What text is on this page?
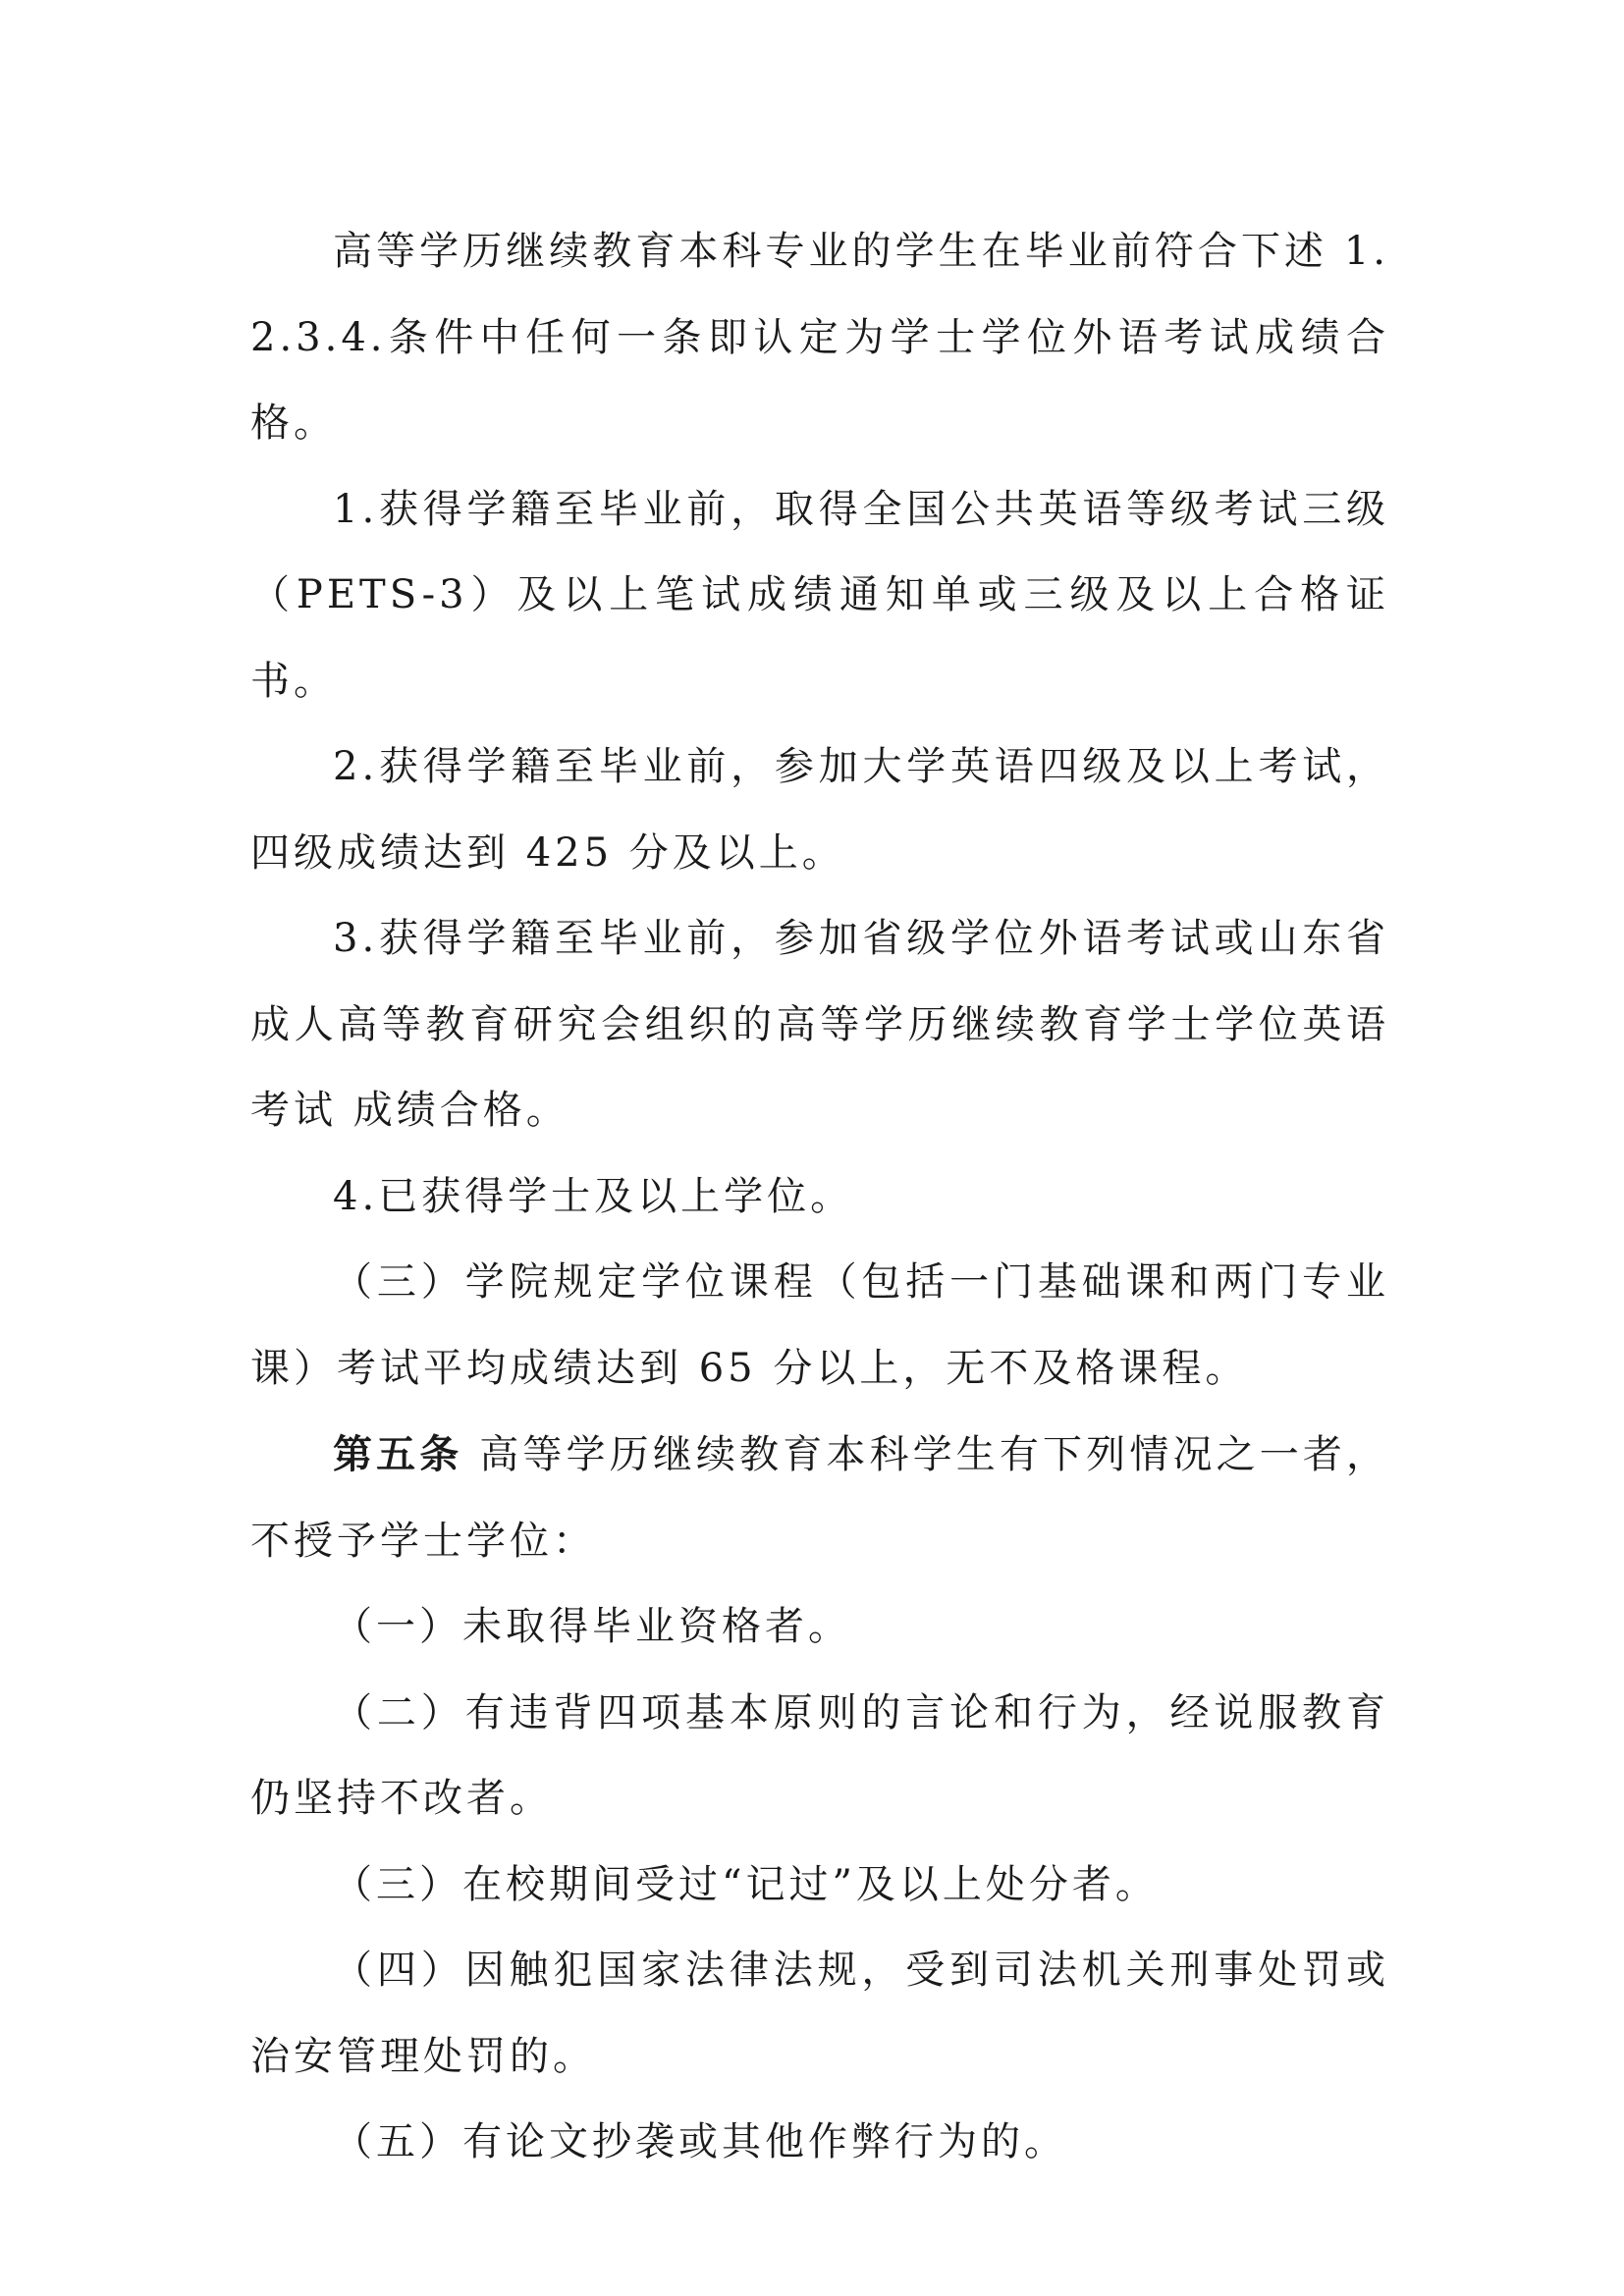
高等学历继续教育本科专业的学生在毕业前符合下述 1.2.3.4.条件中任何一条即认定为学士学位外语考试成绩合格。

1.获得学籍至毕业前，取得全国公共英语等级考试三级（PETS-3）及以上笔试成绩通知单或三级及以上合格证书。

2.获得学籍至毕业前，参加大学英语四级及以上考试，四级成绩达到 425 分及以上。

3.获得学籍至毕业前，参加省级学位外语考试或山东省成人高等教育研究会组织的高等学历继续教育学士学位英语考试 成绩合格。

4.已获得学士及以上学位。

（三）学院规定学位课程（包括一门基础课和两门专业课）考试平均成绩达到 65 分以上，无不及格课程。

第五条 高等学历继续教育本科学生有下列情况之一者，不授予学士学位：

（一）未取得毕业资格者。

（二）有违背四项基本原则的言论和行为，经说服教育仍坚持不改者。

（三）在校期间受过“记过”及以上处分者。

（四）因触犯国家法律法规，受到司法机关刑事处罚或治安管理处罚的。

（五）有论文抄袭或其他作弊行为的。
